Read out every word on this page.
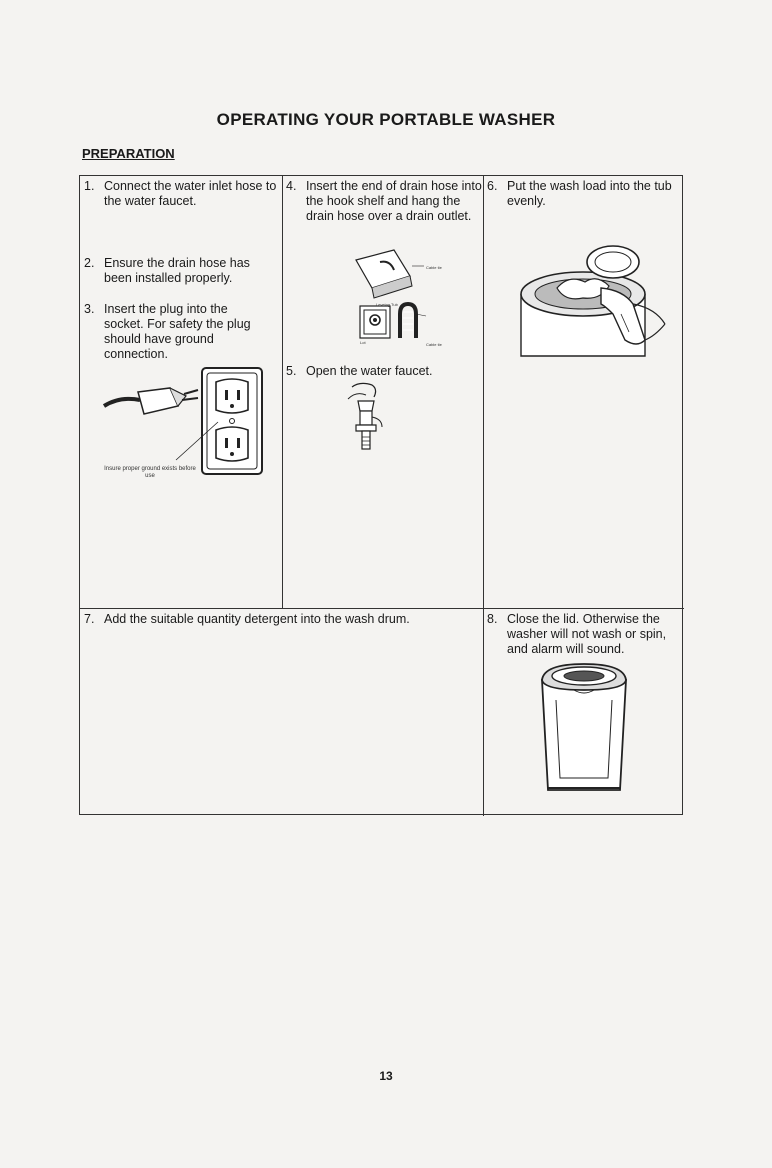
OPERATING YOUR PORTABLE WASHER
PREPARATION
1. Connect the water inlet hose to the water faucet.
2. Ensure the drain hose has been installed properly.
3. Insert the plug into the socket. For safety the plug should have ground connection.
4. Insert the end of drain hose into the hook shelf and hang the drain hose over a drain outlet.
5. Open the water faucet.
6. Put the wash load into the tub evenly.
7. Add the suitable quantity detergent into the wash drum.	8. Close the lid. Otherwise the washer will not wash or spin, and alarm will sound.
Insure proper ground exists before use
Leveing Tub
Cable tie
Lot	Cable tie
13
